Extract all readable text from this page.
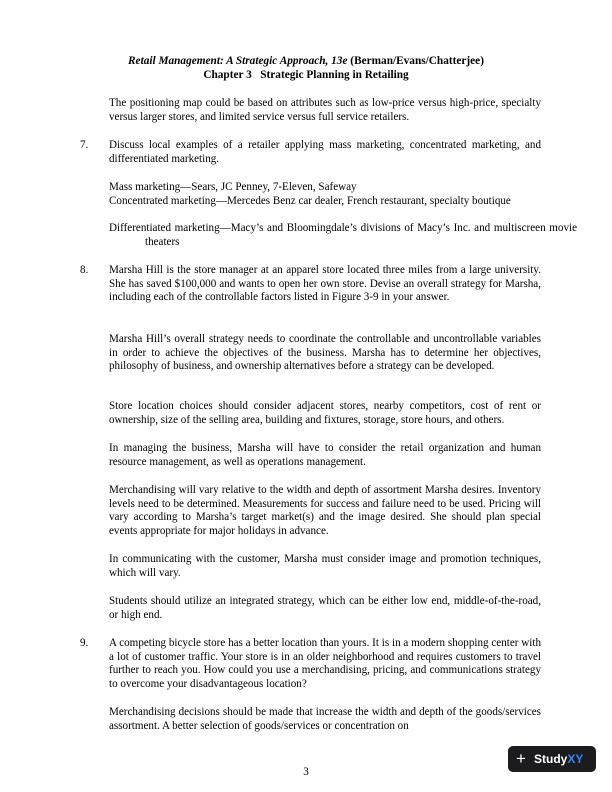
Retail Management: A Strategic Approach, 13e (Berman/Evans/Chatterjee)
Chapter 3   Strategic Planning in Retailing

The positioning map could be based on attributes such as low-price versus high-price, specialty versus larger stores, and limited service versus full service retailers.

7. Discuss local examples of a retailer applying mass marketing, concentrated marketing, and differentiated marketing.

Mass marketing—Sears, JC Penney, 7-Eleven, Safeway

Concentrated marketing—Mercedes Benz car dealer, French restaurant, specialty boutique

Differentiated marketing—Macy’s and Bloomingdale’s divisions of Macy’s Inc. and multiscreen movie theaters

8. Marsha Hill is the store manager at an apparel store located three miles from a large university. She has saved $100,000 and wants to open her own store. Devise an overall strategy for Marsha, including each of the controllable factors listed in Figure 3-9 in your answer.

Marsha Hill’s overall strategy needs to coordinate the controllable and uncontrollable variables in order to achieve the objectives of the business. Marsha has to determine her objectives, philosophy of business, and ownership alternatives before a strategy can be developed.

Store location choices should consider adjacent stores, nearby competitors, cost of rent or ownership, size of the selling area, building and fixtures, storage, store hours, and others.

In managing the business, Marsha will have to consider the retail organization and human resource management, as well as operations management.

Merchandising will vary relative to the width and depth of assortment Marsha desires. Inventory levels need to be determined. Measurements for success and failure need to be used. Pricing will vary according to Marsha’s target market(s) and the image desired. She should plan special events appropriate for major holidays in advance.

In communicating with the customer, Marsha must consider image and promotion techniques, which will vary.

Students should utilize an integrated strategy, which can be either low end, middle-of-the-road, or high end.

9. A competing bicycle store has a better location than yours. It is in a modern shopping center with a lot of customer traffic. Your store is in an older neighborhood and requires customers to travel further to reach you. How could you use a merchandising, pricing, and communications strategy to overcome your disadvantageous location?

Merchandising decisions should be made that increase the width and depth of the goods/services assortment. A better selection of goods/services or concentration on

3
+ StudyXY
